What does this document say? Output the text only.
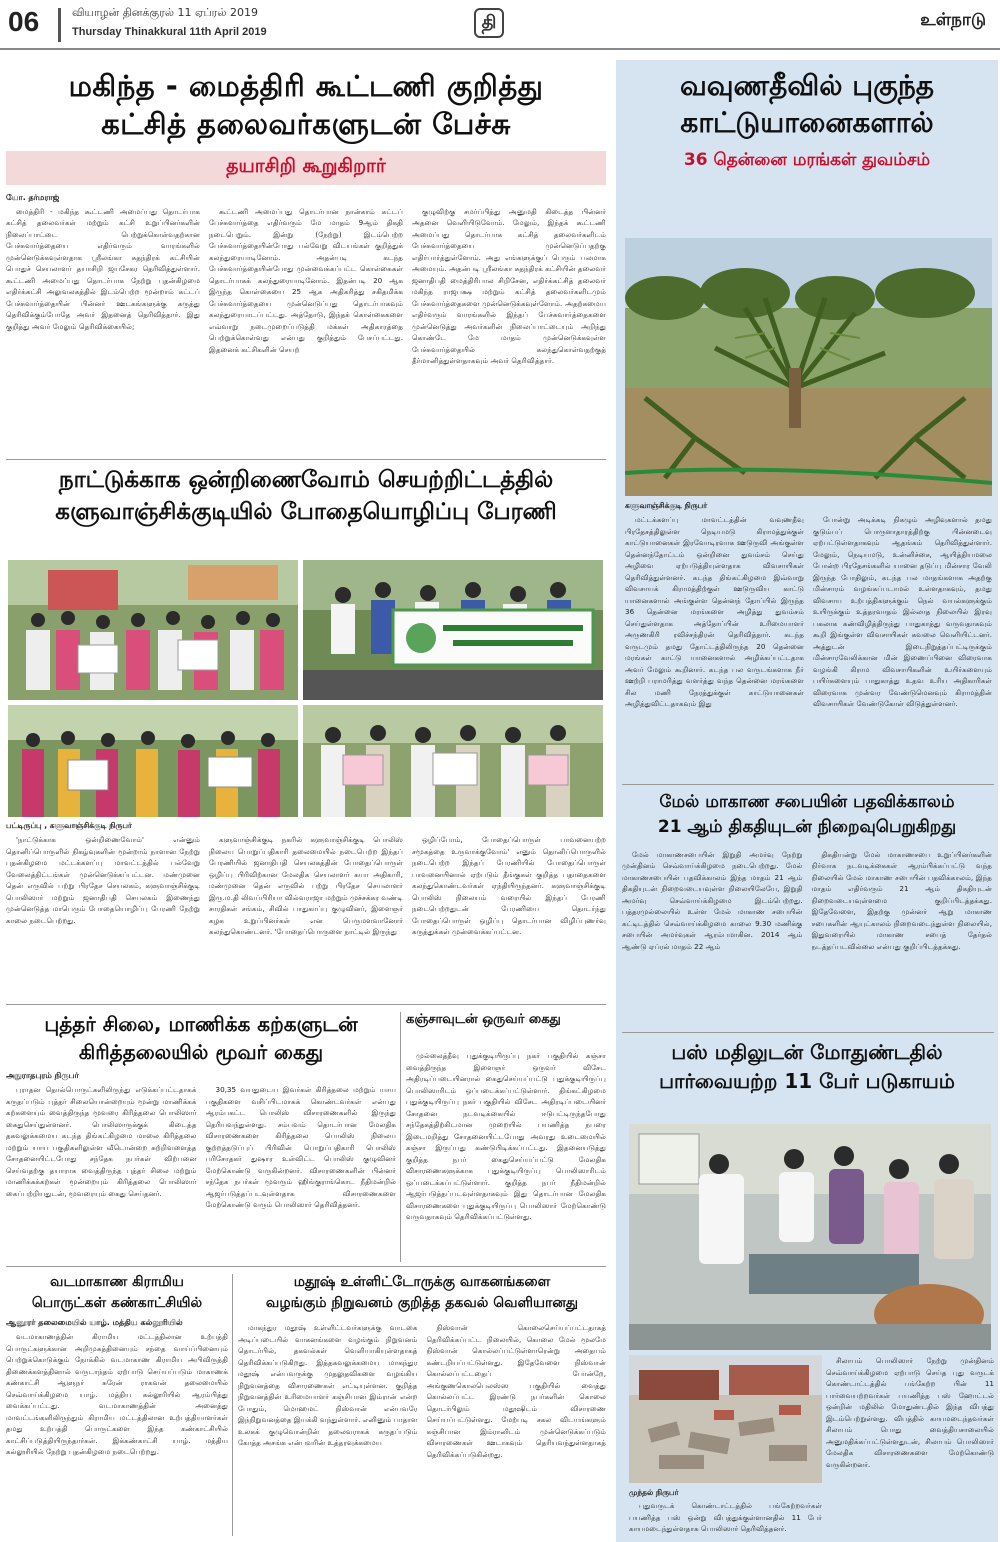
06	வியாழன் தினக்குரல் 11 ஏப்ரல் 2019
Thursday Thinakkural 11th April 2019	தி	உள்நாடு
மகிந்த - மைத்திரி கூட்டணி குறித்து
கட்சித் தலைவர்களுடன் பேச்சு
தயாசிறி கூறுகிறார்
யோ. தர்மராஜ்

மைத்திரி - மகிந்த கூட்டணி அமைப்பது தொடர்பாக கட்சித் தலைவர்கள் மற்றும் கட்சி உறுப்பினர்களின் நிலைப்பாட்டை பெற்றுக்கொள்வதற்கான பேச்சுவார்த்தையை எதிர்வரும் வாரங்களில் முன்னெடுக்கவுள்ளதாக ஸ்ரீலங்கா சுதந்திரக் கட்சியின் பொதுச் செயலாளர் தயாசிறி ஜயசேகர தெரிவித்துள்ளார். கூட்டணி அமைப்பது தொடர்பாக நேற்று புதன்கிழமை எதிர்க்கட்சி அலுவலகத்தில் இடம்பெற்ற மூன்றாம் கட்டப் பேச்சுவார்த்தையின் பின்னர் ஊடகங்களுக்கு கருத்து தெரிவிக்கும்போதே அவர் இதனைத் தெரிவித்தார். இது குறித்து அவர் மேலும் தெரிவிக்கையில்;

கூட்டணி அமைப்பது தொடர்பான நான்காம் கட்டப் பேச்சுவார்த்தை எதிர்வரும் மே மாதம் 9ஆம் திகதி நடைபெறும். இன்று (நேற்று) இடம்பெற்ற பேச்சுவார்த்தையின்போது பல்வேறு விடயங்கள் குறித்துக் கலந்துரையாடினோம். அதன்படி கடந்த பேச்சுவார்த்தையின்போது முன்வைக்கப்பட்ட கொள்கைகள் தொடர்பாகக் கலந்துரையாடினோம். இதன்படி 20 ஆக இருந்த கொள்கையை 25 ஆக அதிகரித்து சகிதமிக்க பேச்சுவார்த்தையை முன்னெடுப்பது தொடர்பாகவும் கலந்துரையாடப்பட்டது. அத்தோடு, இந்தக் கொள்கைகளை எவ்வாறு நடைமுறைப்படுத்தி மக்கள் அதிகாரத்தை பெற்றுக்கொள்வது என்பது குறித்தும் பேசப்பட்டது. இதனைக் கட்சிகளின் செயற்

குழுவிற்கு சமர்ப்பித்து அனுமதி கிடைத்த பின்னர் அதனை வெளியிடுவோம். மேலும், இந்தக் கூட்டணி அமைப்பது தொடர்பாக கட்சித் தலைவர்களிடம் பேச்சுவார்த்தையை முன்னெடுப்பதற்கு எதிர்பார்த்துள்ளோம். அது எங்களுக்குப் பெரும் பலமாக அமையும். அதன்படி ஸ்ரீலங்கா சுதந்திரக் கட்சியின் தலைவர் ஜனாதிபதி மைத்திரிபால சிறிசேன, எதிர்க்கட்சித் தலைவர் மகிந்த ராஜபக்ஷ மற்றும் கட்சித் தலைவர்களிடமும் பேச்சுவார்த்தைகளை முன்னெடுக்கவுள்ளோம். அதற்கமைய எதிர்வரும் வாரங்களில் இந்தப் பேச்சுவார்த்தைகளை முன்னெடுத்து அவர்களின் நிலைப்பாட்டையும் அறிந்து கொண்டே மே மாதம் முன்னெடுக்கவுள்ள பேச்சுவார்த்தையில் கலந்துகொள்வதற்குத் தீர்மானித்துள்ளதாகவும் அவர் தெரிவித்தார்.

நாட்டுக்காக ஒன்றிணைவோம் செயற்றிட்டத்தில்
களுவாஞ்சிக்குடியில் போதையொழிப்பு பேரணி
பட்டிருப்பு , களுவாஞ்சிக்குடி நிருபர்

'நாட்டுக்காக ஒன்றிணைவோம்' என்னும் தொனிப்பொருளில் நிகழ்வுகளின் மூன்றாம் நாளான நேற்று புதன்கிழமை மட்டக்களப்பு மாவட்டத்தில் பல்வேறு வேலைத்திட்டங்கள் முன்னெடுக்கப்பட்டன. மண்முனை தென் எருவில் பற்று பிரதேச செயலகம், களுவாஞ்சிக்குடி பொலிஸார் மற்றும் ஜனாதிபதி செயலகம் இணைந்து முன்னெடுத்த மாபெரும் போதையொழிப்பு பேரணி நேற்று காலை நடைபெற்றது.

களுவாஞ்சிக்குடி நகரில் களுவாஞ்சிக்குடி பொலிஸ் நிலைய பொறுப்பதிகாரி தலைமையில் நடைபெற்ற இந்தப் பேரணியில் ஜனாதிபதி செயலகத்தின் போதைப்பொருள் ஒழிப்பு பிரிவிற்கான மேலதிக செயலாளர் கயா அதிகாரி, மண்முனை தென் எருவில் பற்று பிரதேச செயலாளர் இரு.ம.தி லிவப்பிரியா வில்வராஜா மற்றும் முச்சக்கர வண்டி சாரதிகள் சங்கம், சிவில் பாதுகாப்பு குழுவினர், இளைஞர் கழக உறுப்பினர்கள் என பெருமளவானோர் கலந்துகொண்டனர். 'போதைப்பொருளை நாட்டில் இருந்து

ஒழிப்போம், போதைப்பொருள் பாவனையற்ற சமூகத்தை உருவாக்குவோம்' எனும் தொனிப்பொருளில் நடைபெற்ற இந்தப் பேரணியில் போதைப்பொருள் பாவனையினால் ஏற்படும் தீங்குகள் குறித்த பதாதைகளை கலந்துகொண்டவர்கள் ஏந்தியிருந்தனர். களுவாஞ்சிக்குடி பொலிஸ் நிலையம் வரையில் இந்தப் பேரணி நடைபெற்றதுடன் பேரணியை தொடர்ந்து போதைப்பொருள் ஒழிப்பு தொடர்பான விழிப்புணர்வு கருத்துக்கள் முன்வைக்கப்பட்டன.

புத்தர் சிலை, மாணிக்க கற்களுடன்
கிரித்தலையில் மூவர் கைது
அநுராதபுரம் நிருபர்

புராதன தொல்பொருட்களிலிருந்து எடுக்கப்பட்டதாகக் கருதப்படும் புத்தர் சிலையொன்றையும் மூன்று மாணிக்கக் கற்களையும் வைத்திருந்த மூவரை கிரித்தலை பொலிஸார் கைதுசெய்துள்ளனர். பொலிஸாருக்குக் கிடைத்த தகவலுக்கமைய கடந்த திங்கட்கிழமை மாலை கிரித்தலை மற்றும் யாய பகுதிகளிலுள்ள வீடொன்றை சுற்றிவளைத்த சோதனையிட்டபோது சந்தேக நபர்கள் விற்பனை செய்வதற்கு தயாராக வைத்திருந்த புத்தர் சிலை மற்றும் மாணிக்கக்கற்கள் மூன்றையும் கிரித்தலை பொலிஸார் கைப்பற்றியதுடன், மூவரையும் கைது செய்தனர்.

30,35 வயதுடைய இவர்கள் கிரித்தலை மற்றும் யாய பகுதிகளை வசிப்பிடமாகக் கொண்டவர்கள் என்பது ஆரம்பகட்ட பொலிஸ் விசாரணைகளில் இருந்து தெரியவந்துள்ளது. சம்பவம் தொடர்பான மேலதிக விசாரணைகளை கிரித்தலை பொலிஸ் நிலைய குற்றத்தடுப்புப் பிரிவின் பொறுப்பதிகாரி பொலிஸ் பரிசோதகர் துஷார உள்விட்ட பொலிஸ் குழுவினர் மேற்கொண்டு வருகின்றனர். விசாரணைகளின் பின்னர் சந்தேக நபர்கள் மூவரும் ஹிங்குராங்கொட நீதிமன்றில் ஆஜர்படுத்தப்படவுள்ளதாக விசாரணைகளை மேற்கொண்டு வரும் பொலிஸார் தெரிவித்தனர்.

கஞ்சாவுடன் ஒருவர் கைது

முல்லைத்தீவு புதுக்குடியிருப்பு நகர் பகுதியில் கஞ்சா வைத்திருந்த இளைஞர் ஒருவர் விசேட அதிரடிப்படையினரால் கைதுசெய்யப்பட்டு புதுக்குடியிருப்பு பொலிஸாரிடம் ஒப்படைக்கப்பட்டுள்ளார். திங்கட்கிழமை புதுக்குடியிருப்பு நகர் பகுதியில் விசேட அதிரடிப்படையினர் சோதனை நடவடிக்கையில் ஈடுபட்டிருந்தபோது சந்தேகத்திற்கிடமான முறையில் பயணித்த நபரை இடைமறித்து சோதனையிட்டபோது அவரது உடைமையில் கஞ்சா இருப்பது கண்டுபிடிக்கப்பட்டது. இதனையடுத்து குறித்த நபர் கைதுசெய்யப்பட்டு மேலதிக விசாரணைகளுக்காக புதுக்குடியிருப்பு பொலிஸாரிடம் ஒப்படைக்கப்பட்டுள்ளார். குறித்த நபர் நீதிமன்றில் ஆஜர்படுத்தப்படவுள்ளதாகவும் இது தொடர்பான மேலதிக விசாரணைகளை புதுக்குடியிருப்பு பொலிஸார் மேற்கொண்டு வருவதாகவும் தெரிவிக்கப்பட்டுள்ளது.

வடமாகாண கிராமிய
பொருட்கள் கண்காட்சியில்
ஆனூரர் தலைமையில் யாழ். மத்திய கல்லூரியில்

வடமாகாணத்தின் கிராமிய மட்டத்திலான உற்பத்தி பொருட்களுக்கான அறிமுகத்தினையும் சந்தை வாய்ப்பினையும் பெற்றுக்கொடுக்கும் நோக்கில் வடமாகாண கிராமிய அபிவிருத்தி திணைக்களத்தினால் வருடாந்தம் ஏற்பாடு செய்யப்படும் மாகாணக் கண்காட்சி ஆளுநர் சுரேன் ராகவன் தலைமையில் செவ்வாய்க்கிழமை யாழ். மத்திய கல்லூரியில் ஆரம்பித்து வைக்கப்பட்டது. வடமாகாணத்தின் அனைத்து மாவட்டங்களிலிருந்தும் கிராமிய மட்டத்திலான உற்பத்தியாளர்கள் தமது உற்பத்தி பொருட்களை இந்த கண்காட்சியில் காட்சிப்படுத்தியிருந்தார்கள். இக்கண்காட்சி யாழ். மத்திய கல்லூரியில் நேற்று புதன்கிழமை நடைபெற்றது.

மதூஷ் உள்ளிட்டோருக்கு வாகனங்களை
வழங்கும் நிறுவனம் குறித்த தகவல் வெளியானது

மாகந்துர மதூஷ் உள்ளிட்டவர்களுக்கு வாடகை அடிப்படையில் வாகனங்களை வழங்கும் நிறுவனம் தொடர்பில், தகவல்கள் வெளியாகியுள்ளதாகத் தெரிவிக்கப்படுகிறது. இத்தகவலுக்கமைய மாகந்துர மதூஷ் என்பவருக்கு முதலுதவிகளை வழங்கிய நிறுவனத்தை விசாரணைகள் எட்டியுள்ளன. குறித்த நிறுவனத்தின் உரிமையாளர் கஞ்சிபான இம்ரான் என்ற போதும், மொஹமட் நிஸ்வான் என்பவரே இந்நிறுவனத்தை இயக்கி வந்துள்ளார். எனினும் பாதாள உலகக் குழுவொன்றின் தலைவராகக் கருதப்படும் கோத்த அசங்க என்பவரின் உத்தரவுக்கமைய

நிஸ்வான் கொலைசெய்யப்பட்டதாகத் தெரிவிக்கப்பட்ட நிலையில், கொலை மேல் மூலமே நிஸ்வான் கொல்லப்பட்டுள்ளாரென்று அதையம் கண்டறியப்பட்டுள்ளது. இதேவேளை நிஸ்வான் கொல்லப்பட்டதைப் போன்றே, அங்குணகொலபெலஸ்ஸ பகுதியில் வைத்து கொல்லப்பட்ட இரண்டு நபர்களின் கொலை தொடர்பிலும் மதூஷிடம் விசாரணை செய்யப்பட்டுள்ளது. மேற்படி சகல விடயங்களும் கஞ்சிபான இம்ரானிடம் முன்னெடுக்கப்படும் விசாரணைகள் ஊடாகவும் தெரியவந்துள்ளதாகத் தெரிவிக்கப்படுகின்றது.

வவுணதீவில் புகுந்த
காட்டுயானைகளால்
36 தென்னை மரங்கள் துவம்சம்
களுவாஞ்சிக்குடி நிருபர்

மட்டக்களப்பு மாவட்டத்தின் வவுணதீவு பிரதேசத்திலுள்ள நெடியமடு கிராமத்துக்குள் காட்டுயானைகள் இரவோடிரவாக ஊடுருவி அங்குள்ள தென்னந்தோட்டம் ஒன்றினை துவம்சம் செய்து அழிவை ஏற்படுத்தியுள்ளதாக விவசாயிகள் தெரிவித்துள்ளனர். கடந்த திங்கட்கிழமை இவ்வாறு விவசாயக் கிராமத்திற்குள் ஊடுருவிய காட்டு யானைகளால் அங்குள்ள தென்னந் தோப்பில் இருந்த 36 தென்னை மரங்களை அழித்து துவம்சம் செய்துள்ளதாக அத்தோப்பின் உரிமையாளர் அருணகிரி ரவிச்சந்திரன் தெரிவித்தார். கடந்த வருடமும் தமது தோட்டத்திலிருந்த 20 தென்னை மரங்கள் காட்டு யானைகளால் அழிக்கப்பட்டதாக அவர் மேலும் கூறினார். கடந்த பல வருடங்களாக நீர் ஊற்றி பராமரித்து வளர்த்து வந்த தென்னை மரங்களை சில மணி நேரத்துக்குள் காட்டுயானைகள் அழித்துவிட்டதாகவும் இது

போன்று அடிக்கடி நிகழும் அழிவுகளால் தமது குடும்பப் பொருளாதாரத்திற்கு பின்னடைவு ஏற்பட்டுள்ளதாகவும் ஆதங்கம் தெரிவித்துள்ளார். மேலும், நெடியமடு, உன்னிச்சை, ஆயித்தியமலை போன்ற பிரதேசங்களில் யானை தடுப்பு மின்சார வேலி இருந்த போதிலும், கடந்த பல மாதங்களாக அதற்கு மின்சாரம் வழங்கப்படாமல் உள்ளதாகவும், தமது விவசாய உற்பத்திகளுக்கும் நெல் வயல்களுக்கும் உயிருக்கும் உத்தரவாதம் இல்லாத நிலையில் இரவு பகலாக கண்விழித்திருந்து பாதுகாத்து வருவதாகவும் கூறி இங்குள்ள விவசாயிகள் கவலை வெளியிட்டனர். அத்துடன் இடைநிறுத்தப்பட்டிருக்கும் மின்சாரவேலிக்கான மின் இணைப்பினை விரைவாக வழங்கி கிராம விவசாயிகளின் உயிர்களையும் பயிர்களையும் பாதுகாத்து உதவ உரிய அதிகாரிகள் விரைவாக முன்வர வேண்டுமெனவும் கிராமத்தின் விவசாயிகள் வேண்டுகோள் விடுத்துள்ளனர்.

மேல் மாகாண சபையின் பதவிக்காலம்
21 ஆம் திகதியுடன் நிறைவுபெறுகிறது

மேல் மாகாணசபையின் இறுதி அமர்வு நேற்று முன்தினம் செவ்வாய்க்கிழமை நடைபெற்றது. மேல் மாகாணசபையின் பதவிக்காலம் இந்த மாதம் 21 ஆம் திகதியுடன் நிறைவடையவுள்ள நிலையிலேயே, இறுதி அமர்வு செவ்வாய்க்கிழமை இடம்பெற்றது. பத்தரமுல்லையில் உள்ள மேல் மாகாண சபையின் கட்டிடத்தில் செவ்வாய்க்கிழமை காலை 9.30 மணிக்கு சபையின் அமர்வுகள் ஆரம்பமாகின. 2014 ஆம் ஆண்டு ஏப்ரல் மாதம் 22 ஆம்

திகதியன்று மேல் மாகாணசபை உறுப்பினர்களின் நிர்வாக நடவடிக்கைகள் ஆரம்பிக்கப்பட்டு வந்த நிலையில் மேல் மாகாண சபையின் பதவிக்காலம், இந்த மாதம் எதிர்வரும் 21 ஆம் திகதியுடன் நிறைவடையவுள்ளமை குறிப்பிடத்தக்கது. இதேவேளை, இதற்கு முன்னர் ஆறு மாகாண சபைகளின் ஆயுட்காலம் நிறைவடைந்துள்ள நிலையில், இதுவரையில் மாகாண சபைத் தேர்தல் நடத்தப்படவில்லை என்பது குறிப்பிடத்தக்கது.

பஸ் மதிலுடன் மோதுண்டதில்
பார்வையற்ற 11 பேர் படுகாயம்

சிலாபம் பொலிஸார் நேற்று முன்தினம் செவ்வாய்க்கிழமை ஏற்பாடு செய்த புது வருடக் கொண்டாட்டத்தில் பங்கேற்ற பின் 11 பார்வையற்றவர்கள் பயணித்த பஸ் ஹோட்டல் ஒன்றின் மதிலில் மோதுண்டதில் இந்த விபத்து இடம்பெற்றுள்ளது. விபத்தில் காயமடைந்தவர்கள் சிலாபம் பொது வைத்தியசாலையில் அனுமதிக்கப்பட்டுள்ளதுடன், சிலாபம் பொலிஸார் மேலதிக விசாரணைகளை மேற்கொண்டு வருகின்றனர்.

முந்தல் நிருபர்

புதுவருடக் கொண்டாட்டத்தில் பங்கேற்றவர்கள் பயணித்த பஸ் ஒன்று விபத்துக்குள்ளானதில் 11 பேர் காயமடைந்துள்ளதாக பொலிஸார் தெரிவித்தனர்.
